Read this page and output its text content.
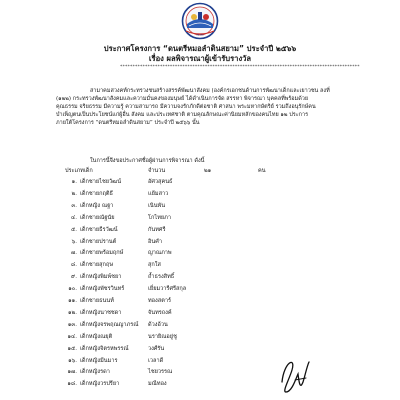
สมาคม
ประกาศโครงการ “ดนตรีหมอลำดินสยาม” ประจำปี ๒๕๖๖
เรื่อง ผลพิจารณาผู้เข้ารับรางวัล
************************************************************************************************
สามาคมสวงคท์กระทรวงชนสร้างสรรค์พัฒนาสังคม (องค์กรเอกชนด้านการพัฒนาเด็กและเยาวชน ลงที่
(๑๒๒) กระทรวงพัฒนาสังคมและความมั่นคงของมนุษย์ ได้ดำเนินการจัด สรรหา พิจารณา บุคคลที่พร้อมด้วย
คุณธรรม จริยธรรม มีความรู้ ความสามารถ มีความจงรักภักดีต่อชาติ ศาสนา พระมหากษัตริย์ รวมถึงอนุรักษ์คน
บำเพ็ญตนเป็นประโยชน์แก่ผู้อื่น สังคม และประเทศชาติ ตามคุณลักษณะค่านิยมหลักของคนไทย ๑๒ ประการ
ภายใต้โครงการ “ดนตรีหมอลำดินสยาม” ประจำปี ๒๕๖๖ นั้น
ในการนี้จึงขอประกาศชื่อผู้ผ่านการพิจารณา ดังนี้
ประเภทเด็ก	จำนวน	๒๑	คน
๑. เด็กชายไชยวัฒน์	อัศวสุคนธ์
๒. เด็กชายกฤติธี	แย้มสาว
๓. เด็กหญิง ณฐา	เนินพัน
๔. เด็กชายณัฐนัย	โกไทยภา
๕. เด็กชายธีรวัฒน์	กันทศรี
๖. เด็กชายปรานต์	อินคำ
๗. เด็กชายพร้อมฤกษ์	ญาณภาพ
๘. เด็กชายสุกฤษ	สุกใส
๙. เด็กหญิงพิมพ์ชยา	ถ้ำธรงสิทธิ์
๑๐. เด็กหญิงพัชรวินทร์	เยี่ยมวารีศรีสกุล
๑๑. เด็กชายธนนท์	ทองสตาร์
๑๒. เด็กหญิงนาซชดา	จันทรถงค์
๑๓. เด็กหญิงจรพฤณญาภรณ์ ด้วงอ้วน
๑๔. เด็กหญิงณยุติ	นรายิณอยู่ชู
๑๕. เด็กหญิงจิตรหพรรณ์	วงศ์รัน
๑๖. เด็กหญิงมีนมาร	เวลาดี
๑๗. เด็กหญิงรดา	ไชยวรรณ
๑๘. เด็กหญิงวรปรียา	มณีทอง
